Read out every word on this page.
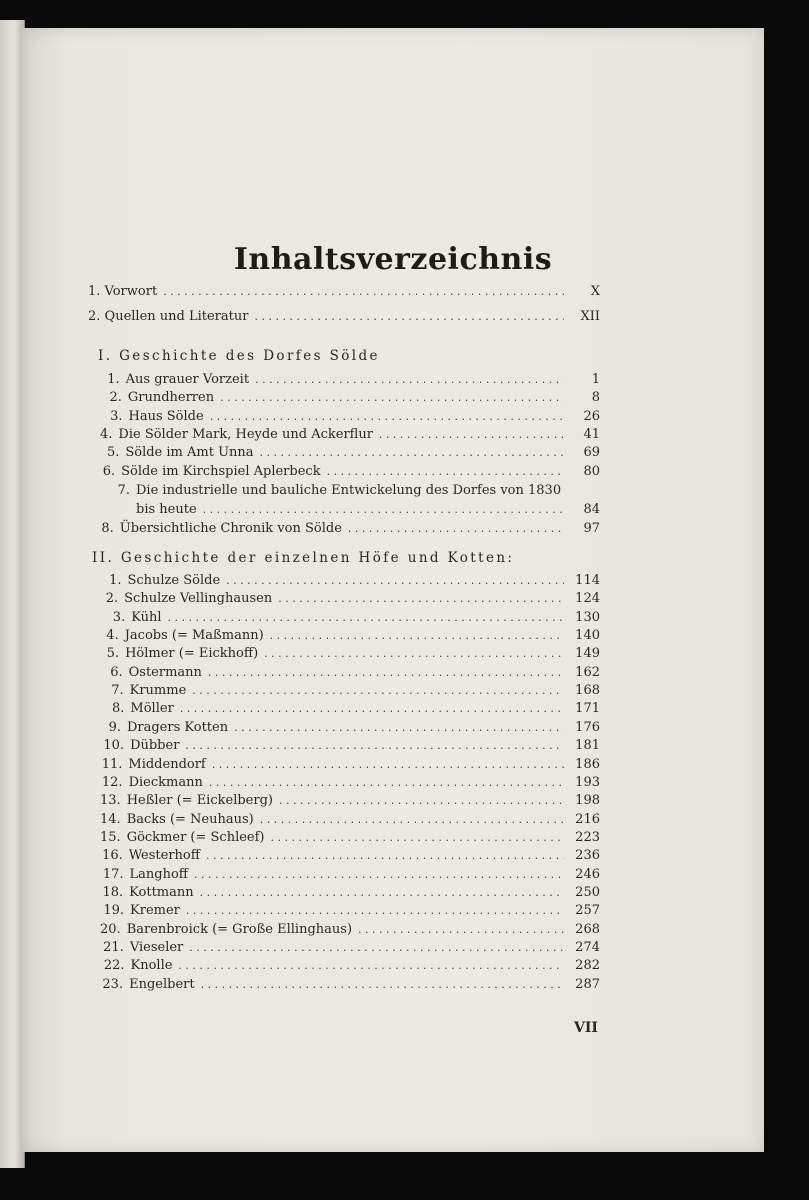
Inhaltsverzeichnis
1. Vorwort . . .	X
2. Quellen und Literatur . . .	XII
I. Geschichte des Dorfes Sölde
1. Aus grauer Vorzeit . . .	1
2. Grundherren . . .	8
3. Haus Sölde . . .	26
4. Die Sölder Mark, Heyde und Ackerflur . . .	41
5. Sölde im Amt Unna . . .	69
6. Sölde im Kirchspiel Aplerbeck . . .	80
7. Die industrielle und bauliche Entwickelung des Dorfes von 1830
bis heute . . .	84
8. Übersichtliche Chronik von Sölde . . .	97
II. Geschichte der einzelnen Höfe und Kotten:
1. Schulze Sölde . . .	114
2. Schulze Vellinghausen . . .	124
3. Kühl . . .	130
4. Jacobs (= Maßmann) . . .	140
5. Hölmer (= Eickhoff) . . .	149
6. Ostermann . . .	162
7. Krumme . . .	168
8. Möller . . .	171
9. Dragers Kotten . . .	176
10. Dübber . . .	181
11. Middendorf . . .	186
12. Dieckmann . . .	193
13. Heßler (= Eickelberg) . . .	198
14. Backs (= Neuhaus) . . .	216
15. Göckmer (= Schleef) . . .	223
16. Westerhoff . . .	236
17. Langhoff . . .	246
18. Kottmann . . .	250
19. Kremer . . .	257
20. Barenbroick (= Große Ellinghaus) . . .	268
21. Vieseler . . .	274
22. Knolle . . .	282
23. Engelbert . . .	287
VII
